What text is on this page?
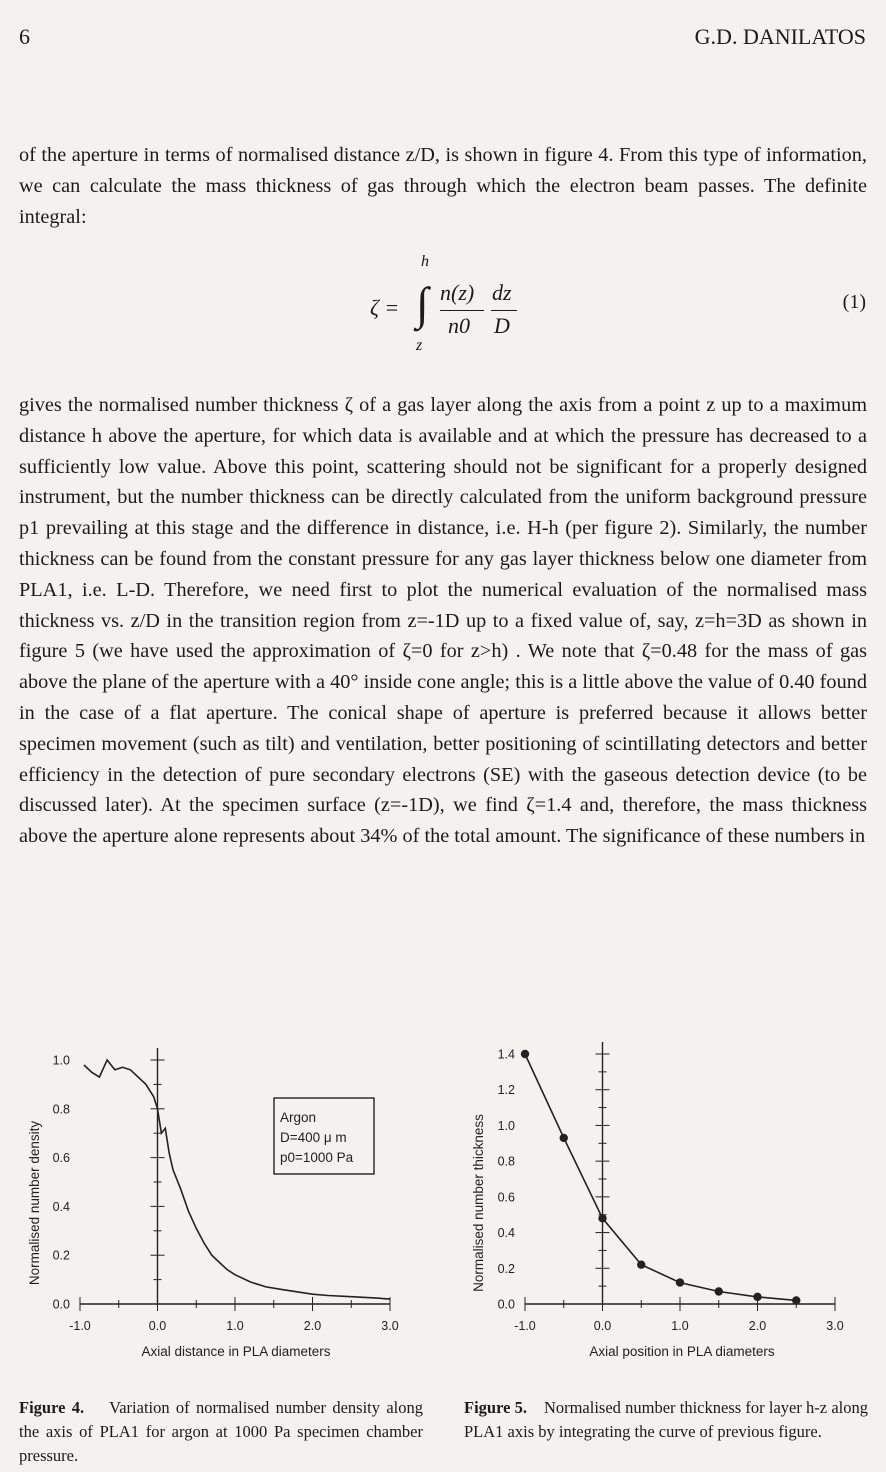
6	G.D. DANILATOS

of the aperture in terms of normalised distance z/D, is shown in figure 4. From this type of information, we can calculate the mass thickness of gas through which the electron beam passes. The definite integral:

ζ = ∫
h
z
n(z)
n0
dz
D
(1)

gives the normalised number thickness ζ of a gas layer along the axis from a point z up to a maximum distance h above the aperture, for which data is available and at which the pressure has decreased to a sufficiently low value. Above this point, scattering should not be significant for a properly designed instrument, but the number thickness can be directly calculated from the uniform background pressure p1 prevailing at this stage and the difference in distance, i.e. H-h (per figure 2). Similarly, the number thickness can be found from the constant pressure for any gas layer thickness below one diameter from PLA1, i.e. L-D. Therefore, we need first to plot the numerical evaluation of the normalised mass thickness vs. z/D in the transition region from z=-1D up to a fixed value of, say, z=h=3D as shown in figure 5 (we have used the approximation of ζ=0 for z>h) . We note that ζ=0.48 for the mass of gas above the plane of the aperture with a 40° inside cone angle; this is a little above the value of 0.40 found in the case of a flat aperture. The conical shape of aperture is preferred because it allows better specimen movement (such as tilt) and ventilation, better positioning of scintillating detectors and better efficiency in the detection of pure secondary electrons (SE) with the gaseous detection device (to be discussed later). At the specimen surface (z=-1D), we find ζ=1.4 and, therefore, the mass thickness above the aperture alone represents about 34% of the total amount. The significance of these numbers in

-1.0	0.0	1.0	2.0	3.0
0.0
0.2
0.4
0.6
0.8
1.0
Argon
D=400 μ m
p0=1000 Pa
Axial distance in PLA diameters
Normalised number density
-1.0	0.0	1.0	2.0	3.0
0.0
0.2
0.4
0.6
0.8
1.0
1.2
1.4
Axial position in PLA diameters
Normalised number thickness

Figure 4. Variation of normalised number density along the axis of PLA1 for argon at 1000 Pa specimen chamber pressure.

Figure 5. Normalised number thickness for layer h-z along PLA1 axis by integrating the curve of previous figure.
